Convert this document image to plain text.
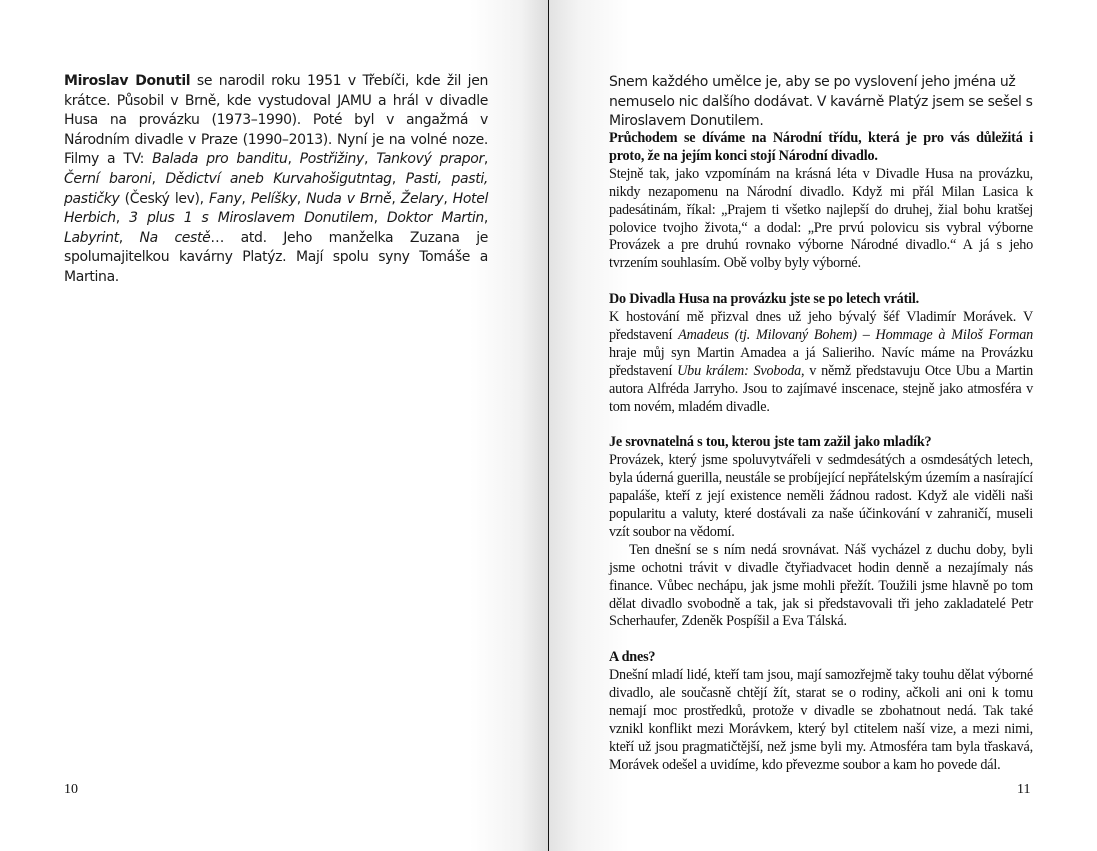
Miroslav Donutil se narodil roku 1951 v Třebíči, kde žil jen krátce. Působil v Brně, kde vystudoval JAMU a hrál v divadle Husa na provázku (1973–1990). Poté byl v angažmá v Národním divadle v Praze (1990–2013). Nyní je na volné noze. Filmy a TV: Balada pro banditu, Postřižiny, Tankový prapor, Černí baroni, Dědictví aneb Kurvahošigutntag, Pasti, pasti, pastičky (Český lev), Fany, Pelíšky, Nuda v Brně, Želary, Hotel Herbich, 3 plus 1 s Miroslavem Donutilem, Doktor Martin, Labyrint, Na cestě… atd. Jeho manželka Zuzana je spolumajitelkou kavárny Platýz. Mají spolu syny Tomáše a Martina.

10

Snem každého umělce je, aby se po vyslovení jeho jména už nemuselo nic dalšího dodávat. V kavárně Platýz jsem se sešel s Miroslavem Donutilem.

Průchodem se díváme na Národní třídu, která je pro vás důležitá i proto, že na jejím konci stojí Národní divadlo.

Stejně tak, jako vzpomínám na krásná léta v Divadle Husa na provázku, nikdy nezapomenu na Národní divadlo. Když mi přál Milan Lasica k padesátinám, říkal: „Prajem ti všetko najlepší do druhej, žial bohu kratšej polovice tvojho života,“ a dodal: „Pre prvú polovicu sis vybral výborne Provázek a pre druhú rovnako výborne Národné divadlo.“ A já s jeho tvrzením souhlasím. Obě volby byly výborné.

Do Divadla Husa na provázku jste se po letech vrátil.

K hostování mě přizval dnes už jeho bývalý šéf Vladimír Morávek. V představení Amadeus (tj. Milovaný Bohem) – Hommage à Miloš Forman hraje můj syn Martin Amadea a já Salieriho. Navíc máme na Provázku představení Ubu králem: Svoboda, v němž představuju Otce Ubu a Martin autora Alfréda Jarryho. Jsou to zajímavé inscenace, stejně jako atmosféra v tom novém, mladém divadle.

Je srovnatelná s tou, kterou jste tam zažil jako mladík?

Provázek, který jsme spoluvytvářeli v sedmdesátých a osmdesátých letech, byla úderná guerilla, neustále se probíjející nepřátelským územím a nasírající papaláše, kteří z její existence neměli žádnou radost. Když ale viděli naši popularitu a valuty, které dostávali za naše účinkování v zahraničí, museli vzít soubor na vědomí.

Ten dnešní se s ním nedá srovnávat. Náš vycházel z duchu doby, byli jsme ochotni trávit v divadle čtyřiadvacet hodin denně a nezajímaly nás finance. Vůbec nechápu, jak jsme mohli přežít. Toužili jsme hlavně po tom dělat divadlo svobodně a tak, jak si představovali tři jeho zakladatelé Petr Scherhaufer, Zdeněk Pospíšil a Eva Tálská.

A dnes?

Dnešní mladí lidé, kteří tam jsou, mají samozřejmě taky touhu dělat výborné divadlo, ale současně chtějí žít, starat se o rodiny, ačkoli ani oni k tomu nemají moc prostředků, protože v divadle se zbohatnout nedá. Tak také vznikl konflikt mezi Morávkem, který byl ctitelem naší vize, a mezi nimi, kteří už jsou pragmatičtější, než jsme byli my. Atmosféra tam byla třaskavá, Morávek odešel a uvidíme, kdo převezme soubor a kam ho povede dál.

11
